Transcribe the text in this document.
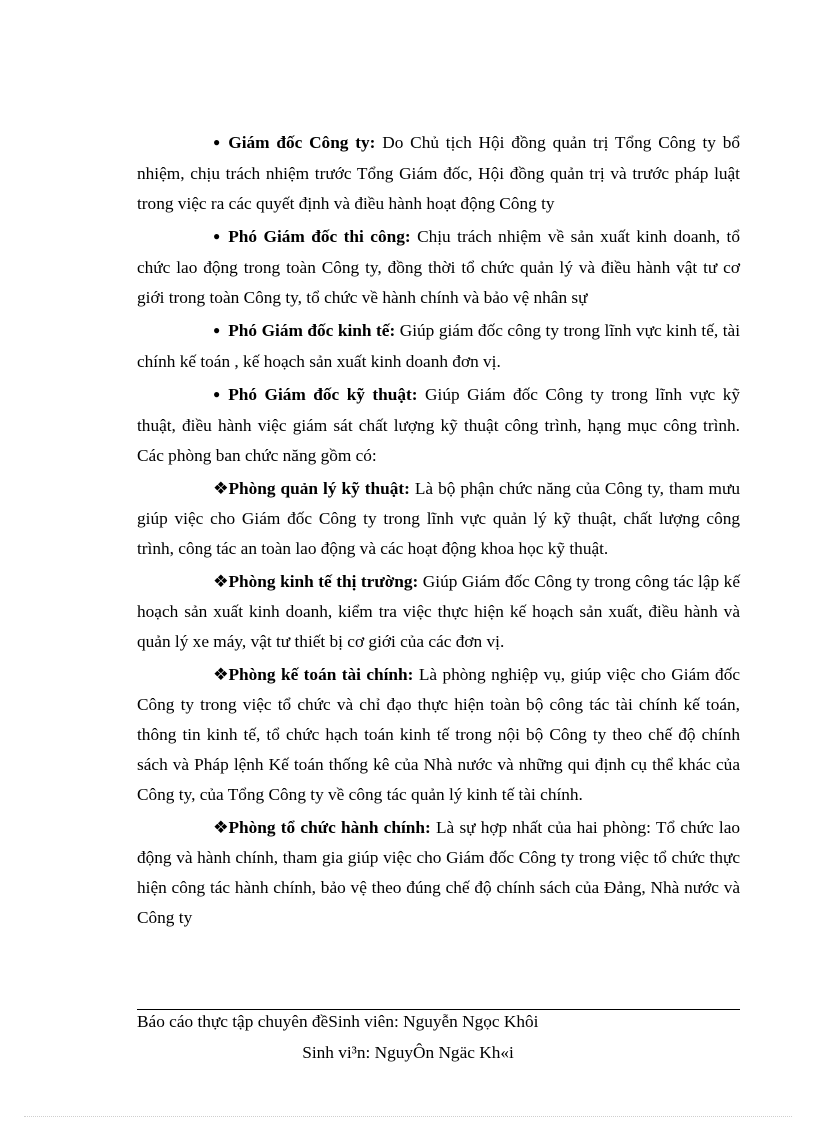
● Giám đốc Công ty: Do Chủ tịch Hội đồng quản trị Tổng Công ty bổ nhiệm, chịu trách nhiệm trước Tổng Giám đốc, Hội đồng quản trị và trước pháp luật trong việc ra các quyết định và điều hành hoạt động Công ty

● Phó Giám đốc thi công: Chịu trách nhiệm về sản xuất kinh doanh, tổ chức lao động trong toàn Công ty, đồng thời tổ chức quản lý và điều hành vật tư cơ giới trong toàn Công ty, tổ chức về hành chính và bảo vệ nhân sự

● Phó Giám đốc kinh tế: Giúp giám đốc công ty trong lĩnh vực kinh tế, tài chính kế toán , kế hoạch sản xuất kinh doanh đơn vị.

● Phó Giám đốc kỹ thuật: Giúp Giám đốc Công ty trong lĩnh vực kỹ thuật, điều hành việc giám sát chất lượng kỹ thuật công trình, hạng mục công trình. Các phòng ban chức năng gồm có:

❖Phòng quản lý kỹ thuật: Là bộ phận chức năng của Công ty, tham mưu giúp việc cho Giám đốc Công ty trong lĩnh vực quản lý kỹ thuật, chất lượng công trình, công tác an toàn lao động và các hoạt động khoa học kỹ thuật.

❖Phòng kinh tế thị trường: Giúp Giám đốc Công ty trong công tác lập kế hoạch sản xuất kinh doanh, kiểm tra việc thực hiện kế hoạch sản xuất, điều hành và quản lý xe máy, vật tư thiết bị cơ giới của các đơn vị.

❖Phòng kế toán tài chính: Là phòng nghiệp vụ, giúp việc cho Giám đốc Công ty trong việc tổ chức và chỉ đạo thực hiện toàn bộ công tác tài chính kế toán, thông tin kinh tế, tổ chức hạch toán kinh tế trong nội bộ Công ty theo chế độ chính sách và Pháp lệnh Kế toán thống kê của Nhà nước và những qui định cụ thể khác của Công ty, của Tổng Công ty về công tác quản lý kinh tế tài chính.

❖Phòng tổ chức hành chính: Là sự hợp nhất của hai phòng: Tổ chức lao động và hành chính, tham gia giúp việc cho Giám đốc Công ty trong việc tổ chức thực hiện công tác hành chính, bảo vệ theo đúng chế độ chính sách của Đảng, Nhà nước và Công ty

Báo cáo thực tập chuyên đềSinh viên: Nguyễn Ngọc Khôi
Sinh vi³n: NguyÔn Ngäc Kh«i
